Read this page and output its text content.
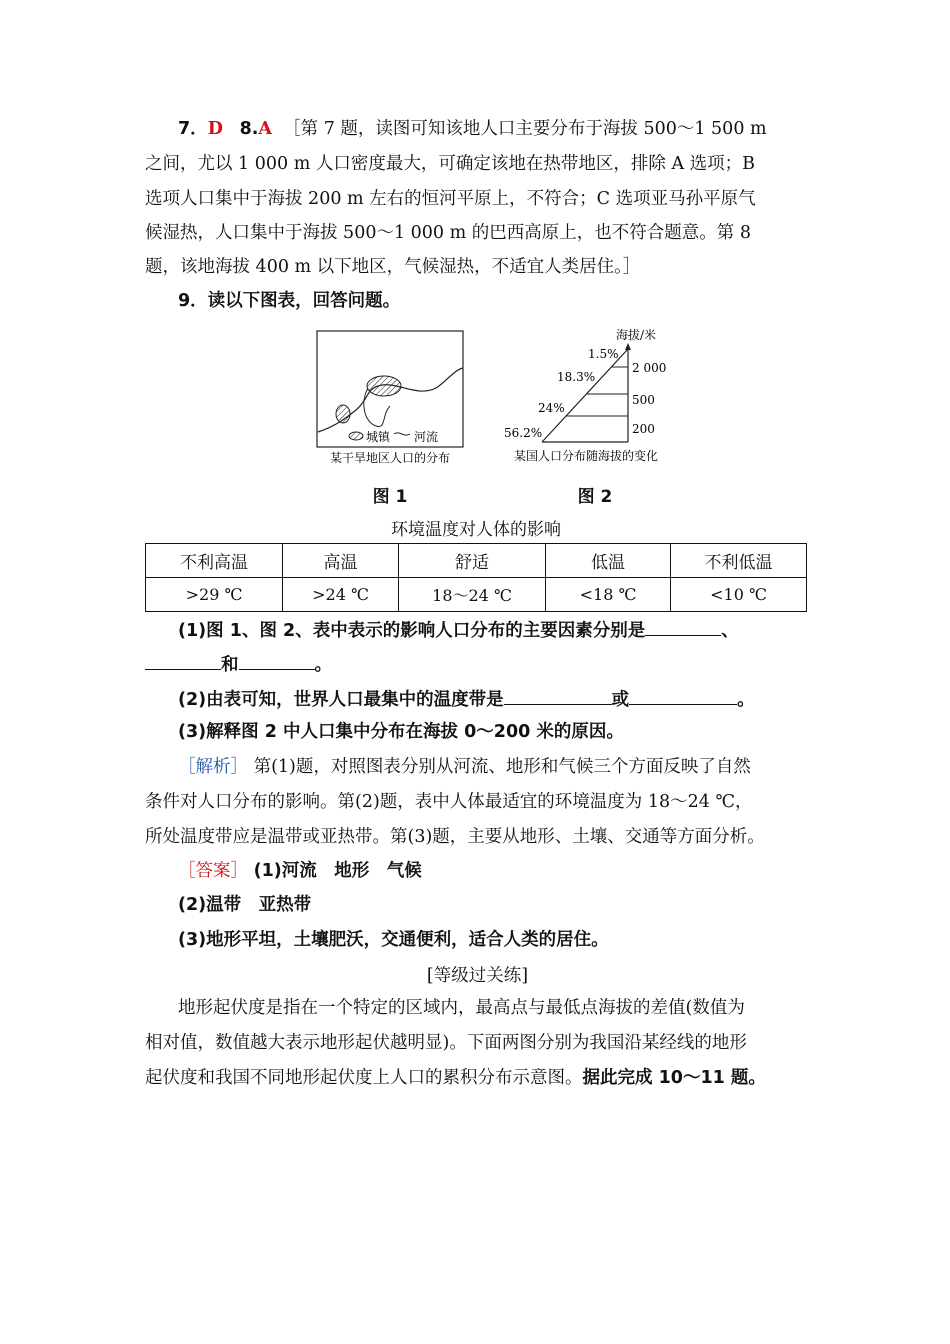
7．D 8.A ［第 7 题，读图可知该地人口主要分布于海拔 500～1 500 m
之间，尤以 1 000 m 人口密度最大，可确定该地在热带地区，排除 A 选项；B
选项人口集中于海拔 200 m 左右的恒河平原上，不符合；C 选项亚马孙平原气
候湿热，人口集中于海拔 500～1 000 m 的巴西高原上，也不符合题意。第 8
题，该地海拔 400 m 以下地区，气候湿热，不适宜人类居住。］
9．读以下图表，回答问题。
城镇 河流
某干旱地区人口的分布
图 1
海拔/米
2 000
500
200
1.5%
18.3%
24%
56.2%
某国人口分布随海拔的变化
图 2
环境温度对人体的影响
不利高温	高温	舒适	低温	不利低温
>29 ℃	>24 ℃	18～24 ℃	<18 ℃	<10 ℃
(1)图 1、图 2、表中表示的影响人口分布的主要因素分别是	、
和	。
(2)由表可知，世界人口最集中的温度带是	或	。
(3)解释图 2 中人口集中分布在海拔 0～200 米的原因。
［解析］ 第(1)题，对照图表分别从河流、地形和气候三个方面反映了自然
条件对人口分布的影响。第(2)题，表中人体最适宜的环境温度为 18～24 ℃，
所处温度带应是温带或亚热带。第(3)题，主要从地形、土壤、交通等方面分析。
［答案］ (1)河流　地形　气候
(2)温带　亚热带
(3)地形平坦，土壤肥沃，交通便利，适合人类的居住。
[等级过关练]
地形起伏度是指在一个特定的区域内，最高点与最低点海拔的差值(数值为
相对值，数值越大表示地形起伏越明显)。下面两图分别为我国沿某经线的地形
起伏度和我国不同地形起伏度上人口的累积分布示意图。据此完成 10～11 题。
